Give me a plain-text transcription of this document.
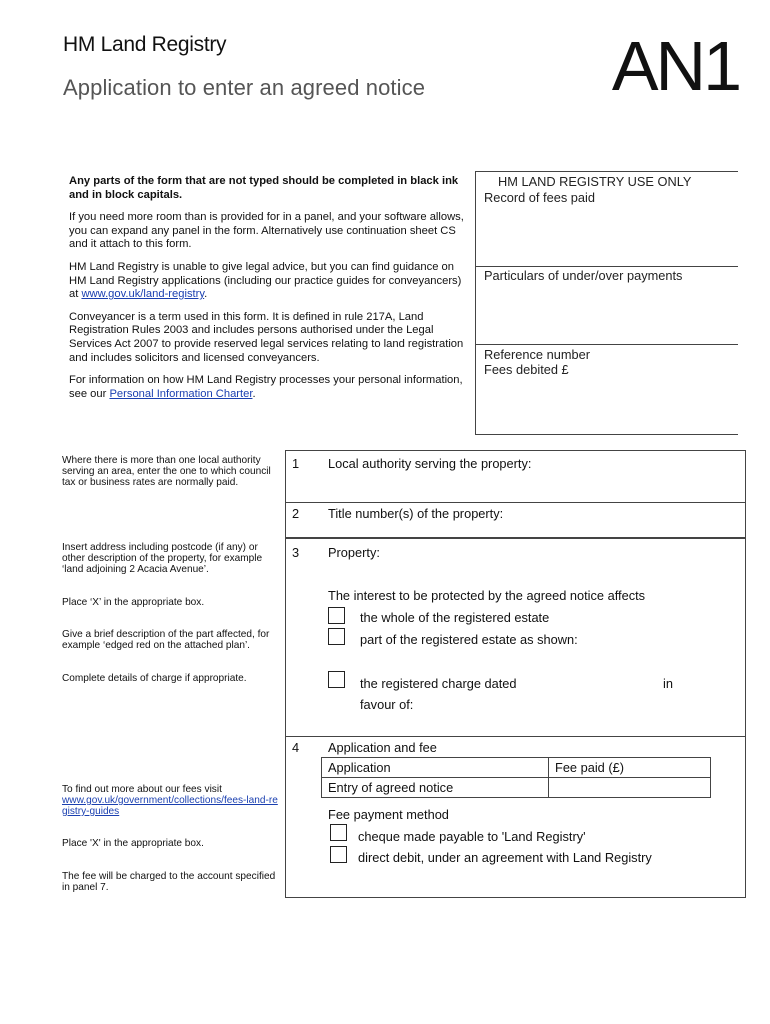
HM Land Registry
Application to enter an agreed notice	AN1

Any parts of the form that are not typed should be completed in black ink and in block capitals.

If you need more room than is provided for in a panel, and your software allows, you can expand any panel in the form. Alternatively use continuation sheet CS and it attach to this form.

HM Land Registry is unable to give legal advice, but you can find guidance on HM Land Registry applications (including our practice guides for conveyancers) at www.gov.uk/land-registry.

Conveyancer is a term used in this form. It is defined in rule 217A, Land Registration Rules 2003 and includes persons authorised under the Legal Services Act 2007 to provide reserved legal services relating to land registration and includes solicitors and licensed conveyancers.

For information on how HM Land Registry processes your personal information, see our Personal Information Charter.

HM LAND REGISTRY USE ONLY
Record of fees paid
Particulars of under/over payments
Reference number
Fees debited £
Where there is more than one local authority serving an area, enter the one to which council tax or business rates are normally paid.
Insert address including postcode (if any) or other description of the property, for example ‘land adjoining 2 Acacia Avenue’.
Place ‘X’ in the appropriate box.
Give a brief description of the part affected, for example ‘edged red on the attached plan’.
Complete details of charge if appropriate.
To find out more about our fees visit
www.gov.uk/government/collections/fees-land-registry-guides
Place 'X' in the appropriate box.
The fee will be charged to the account specified in panel 7.
1 Local authority serving the property:
2 Title number(s) of the property:
3 Property:
The interest to be protected by the agreed notice affects
the whole of the registered estate
part of the registered estate as shown:
the registered charge dated	in
favour of:
4 Application and fee
Application	Fee paid (£)
Entry of agreed notice	
Fee payment method
cheque made payable to 'Land Registry'
direct debit, under an agreement with Land Registry
